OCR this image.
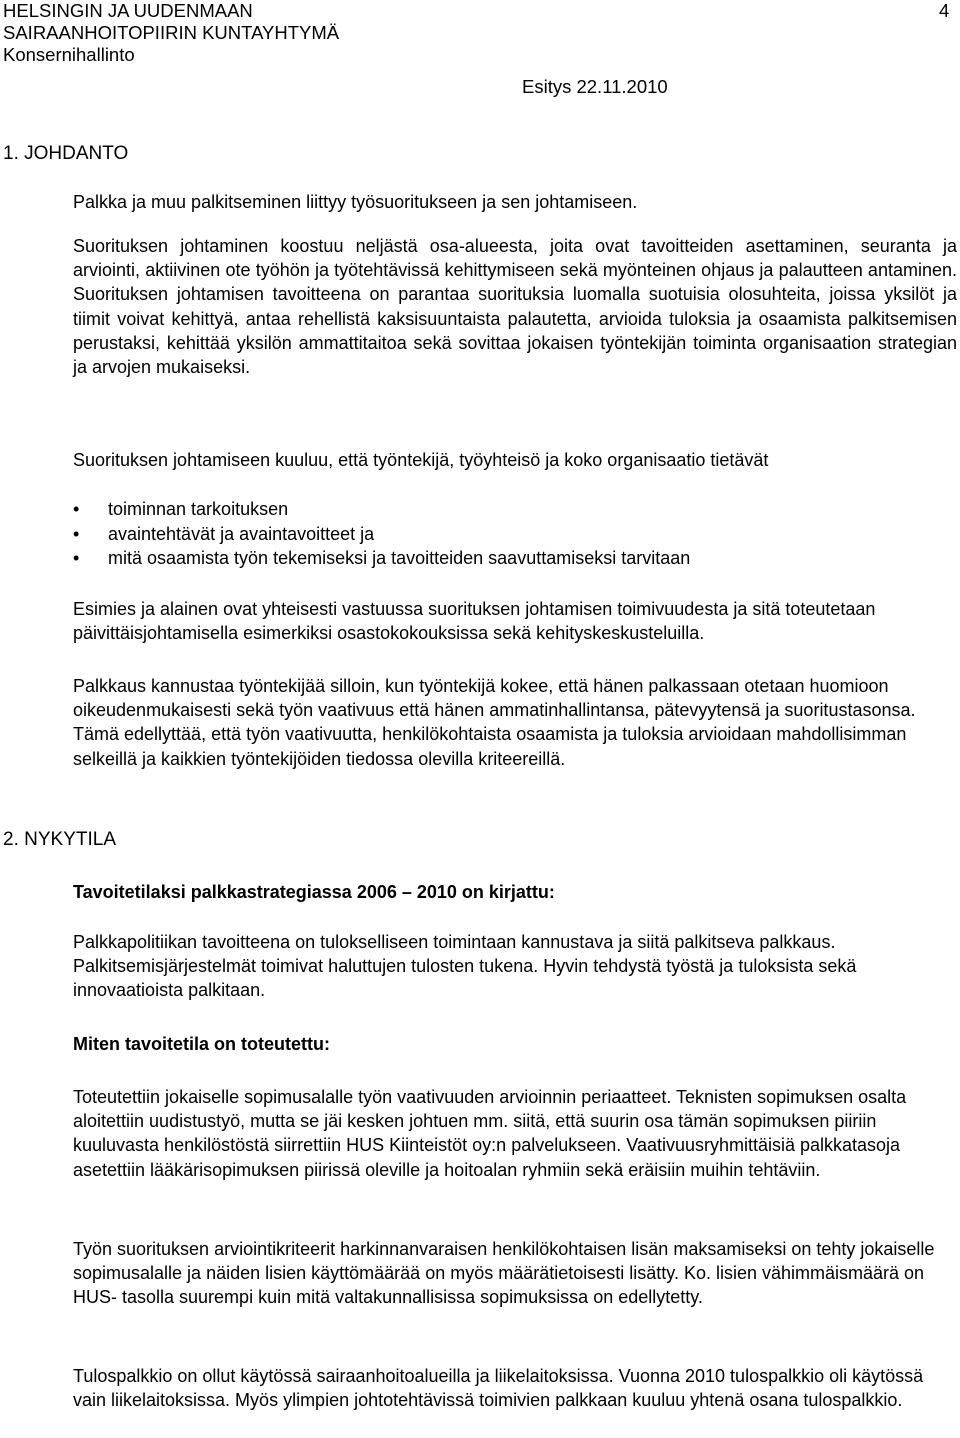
HELSINGIN JA UUDENMAAN
SAIRAANHOITOPIIRIN KUNTAYHTYMÄ
Konsernihallinto
4
Esitys 22.11.2010
1. JOHDANTO

Palkka ja muu palkitseminen liittyy työsuoritukseen ja sen johtamiseen.

Suorituksen johtaminen koostuu neljästä osa-alueesta, joita ovat tavoitteiden asettaminen, seuranta ja arviointi, aktiivinen ote työhön ja työtehtävissä kehittymiseen sekä myönteinen ohjaus ja palautteen antaminen. Suorituksen johtamisen tavoitteena on parantaa suorituksia luomalla suotuisia olosuhteita, joissa yksilöt ja tiimit voivat kehittyä, antaa rehellistä kaksisuuntaista palautetta, arvioida tuloksia ja osaamista palkitsemisen perustaksi, kehittää yksilön ammattitaitoa sekä sovittaa jokaisen työntekijän toiminta organisaation strategian ja arvojen mukaiseksi.

Suorituksen johtamiseen kuuluu, että työntekijä, työyhteisö ja koko organisaatio tietävät

• toiminnan tarkoituksen
• avaintehtävät ja avaintavoitteet ja
• mitä osaamista työn tekemiseksi ja tavoitteiden saavuttamiseksi tarvitaan

Esimies ja alainen ovat yhteisesti vastuussa suorituksen johtamisen toimivuudesta ja sitä toteutetaan päivittäisjohtamisella esimerkiksi osastokokouksissa sekä kehityskeskusteluilla.

Palkkaus kannustaa työntekijää silloin, kun työntekijä kokee, että hänen palkassaan otetaan huomioon oikeudenmukaisesti sekä työn vaativuus että hänen ammatinhallintansa, pätevyytensä ja suoritustasonsa. Tämä edellyttää, että työn vaativuutta, henkilökohtaista osaamista ja tuloksia arvioidaan mahdollisimman selkeillä ja kaikkien työntekijöiden tiedossa olevilla kriteereillä.

2. NYKYTILA

Tavoitetilaksi palkkastrategiassa 2006 – 2010 on kirjattu:

Palkkapolitiikan tavoitteena on tulokselliseen toimintaan kannustava ja siitä palkitseva palkkaus. Palkitsemisjärjestelmät toimivat haluttujen tulosten tukena. Hyvin tehdystä työstä ja tuloksista sekä innovaatioista palkitaan.

Miten tavoitetila on toteutettu:

Toteutettiin jokaiselle sopimusalalle työn vaativuuden arvioinnin periaatteet. Teknisten sopimuksen osalta aloitettiin uudistustyö, mutta se jäi kesken johtuen mm. siitä, että suurin osa tämän sopimuksen piiriin kuuluvasta henkilöstöstä siirrettiin HUS Kiinteistöt oy:n palvelukseen. Vaativuusryhmittäisiä palkkatasoja asetettiin lääkärisopimuksen piirissä oleville ja hoitoalan ryhmiin sekä eräisiin muihin tehtäviin.

Työn suorituksen arviointikriteerit harkinnanvaraisen henkilökohtaisen lisän maksamiseksi on tehty jokaiselle sopimusalalle ja näiden lisien käyttömäärää on myös määrätietoisesti lisätty. Ko. lisien vähimmäismäärä on HUS- tasolla suurempi kuin mitä valtakunnallisissa sopimuksissa on edellytetty.

Tulospalkkio on ollut käytössä sairaanhoitoalueilla ja liikelaitoksissa. Vuonna 2010 tulospalkkio oli käytössä vain liikelaitoksissa. Myös ylimpien johtotehtävissä toimivien palkkaan kuuluu yhtenä osana tulospalkkio.
